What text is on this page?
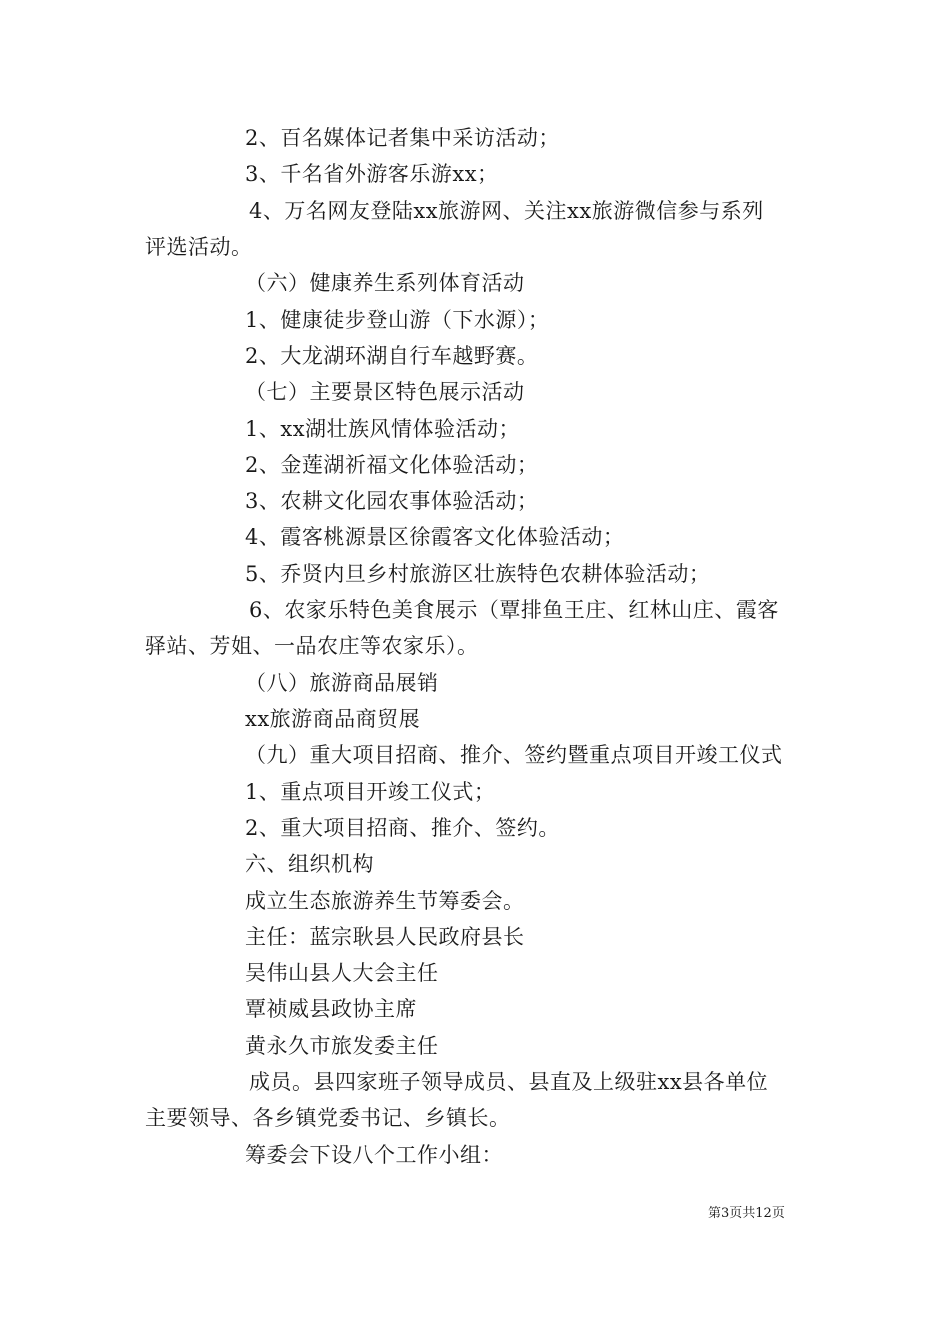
2、百名媒体记者集中采访活动；
3、千名省外游客乐游xx；
4、万名网友登陆xx旅游网、关注xx旅游微信参与系列
评选活动。
（六）健康养生系列体育活动
1、健康徒步登山游（下水源）；
2、大龙湖环湖自行车越野赛。
（七）主要景区特色展示活动
1、xx湖壮族风情体验活动；
2、金莲湖祈福文化体验活动；
3、农耕文化园农事体验活动；
4、霞客桃源景区徐霞客文化体验活动；
5、乔贤内旦乡村旅游区壮族特色农耕体验活动；
6、农家乐特色美食展示（覃排鱼王庄、红林山庄、霞客
驿站、芳姐、一品农庄等农家乐）。
（八）旅游商品展销
xx旅游商品商贸展
（九）重大项目招商、推介、签约暨重点项目开竣工仪式
1、重点项目开竣工仪式；
2、重大项目招商、推介、签约。
六、组织机构
成立生态旅游养生节筹委会。
主任：蓝宗耿县人民政府县长
吴伟山县人大会主任
覃祯威县政协主席
黄永久市旅发委主任
成员。县四家班子领导成员、县直及上级驻xx县各单位
主要领导、各乡镇党委书记、乡镇长。
筹委会下设八个工作小组：
第3页共12页
